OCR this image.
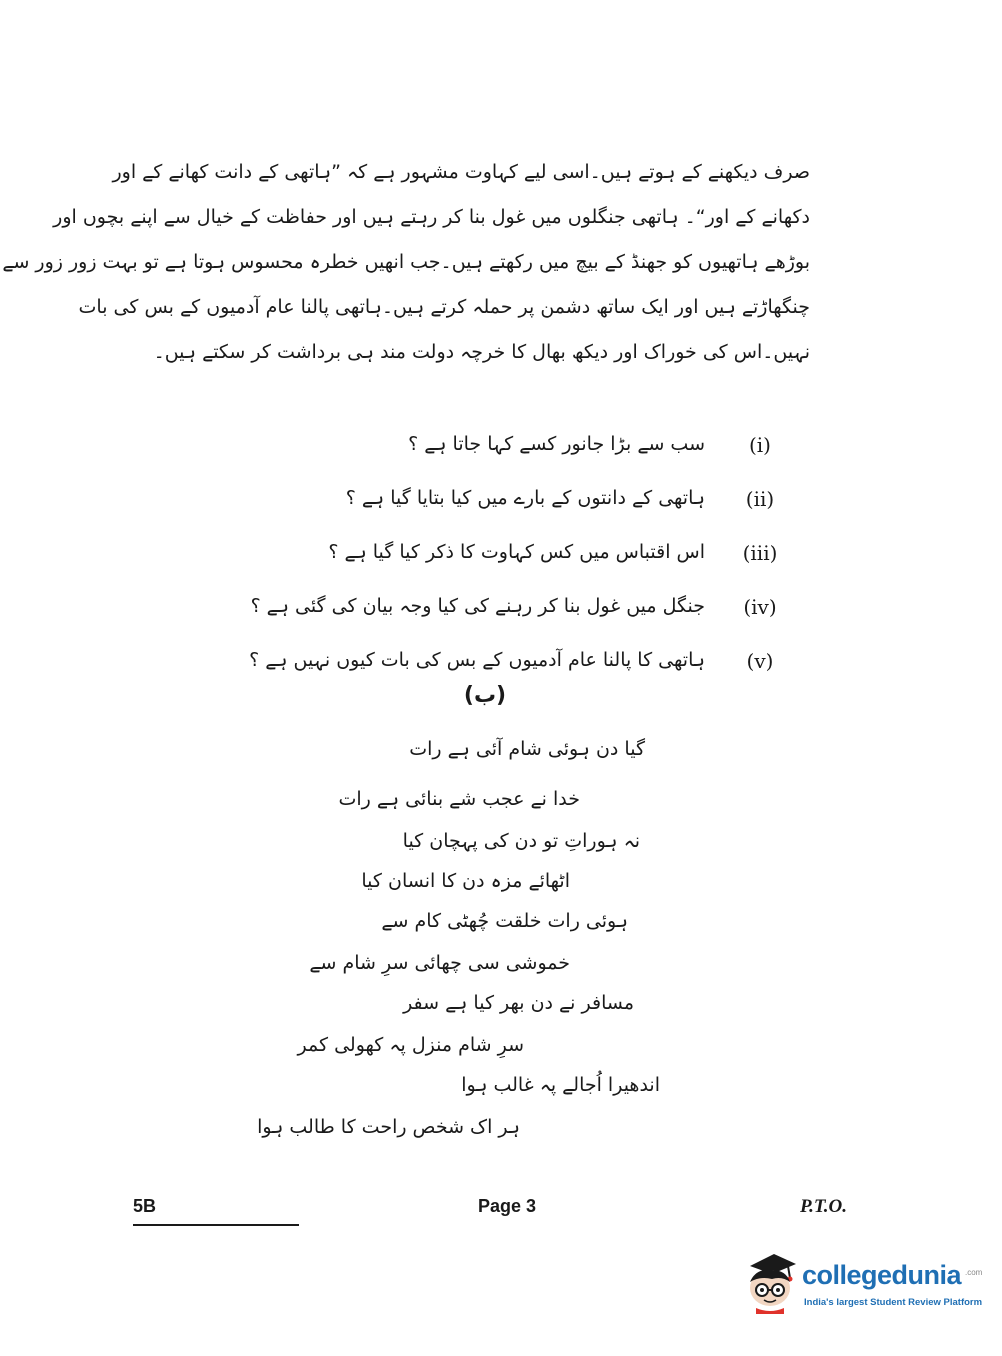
صرف دیکھنے کے ہوتے ہیں۔اسی لیے کہاوت مشہور ہے کہ ”ہاتھی کے دانت کھانے کے اور
دکھانے کے اور“۔ ہاتھی جنگلوں میں غول بنا کر رہتے ہیں اور حفاظت کے خیال سے اپنے بچوں اور
بوڑھے ہاتھیوں کو جھنڈ کے بیچ میں رکھتے ہیں۔جب انھیں خطرہ محسوس ہوتا ہے تو بہت زور زور سے
چنگھاڑتے ہیں اور ایک ساتھ دشمن پر حملہ کرتے ہیں۔ہاتھی پالنا عام آدمیوں کے بس کی بات
نہیں۔اس کی خوراک اور دیکھ بھال کا خرچہ دولت مند ہی برداشت کر سکتے ہیں۔
(i)
سب سے بڑا جانور کسے کہا جاتا ہے ؟
(ii)
ہاتھی کے دانتوں کے بارے میں کیا بتایا گیا ہے ؟
(iii)
اس اقتباس میں کس کہاوت کا ذکر کیا گیا ہے ؟
(iv)
جنگل میں غول بنا کر رہنے کی کیا وجہ بیان کی گئی ہے ؟
(v)
ہاتھی کا پالنا عام آدمیوں کے بس کی بات کیوں نہیں ہے ؟
(ب)
گیا دن ہوئی شام آئی ہے رات
خدا نے عجب شے بنائی ہے رات
نہ ہوراتِ تو دن کی پہچان کیا
اٹھائے مزہ دن کا انسان کیا
ہوئی رات خلقت چُھٹی کام سے
خموشی سی چھائی سرِ شام سے
مسافر نے دن بھر کیا ہے سفر
سرِ شام منزل پہ کھولی کمر
اندھیرا اُجالے پہ غالب ہوا
ہر اک شخص راحت کا طالب ہوا
5B	Page 3	P.T.O.
collegedunia .com
India's largest Student Review Platform
